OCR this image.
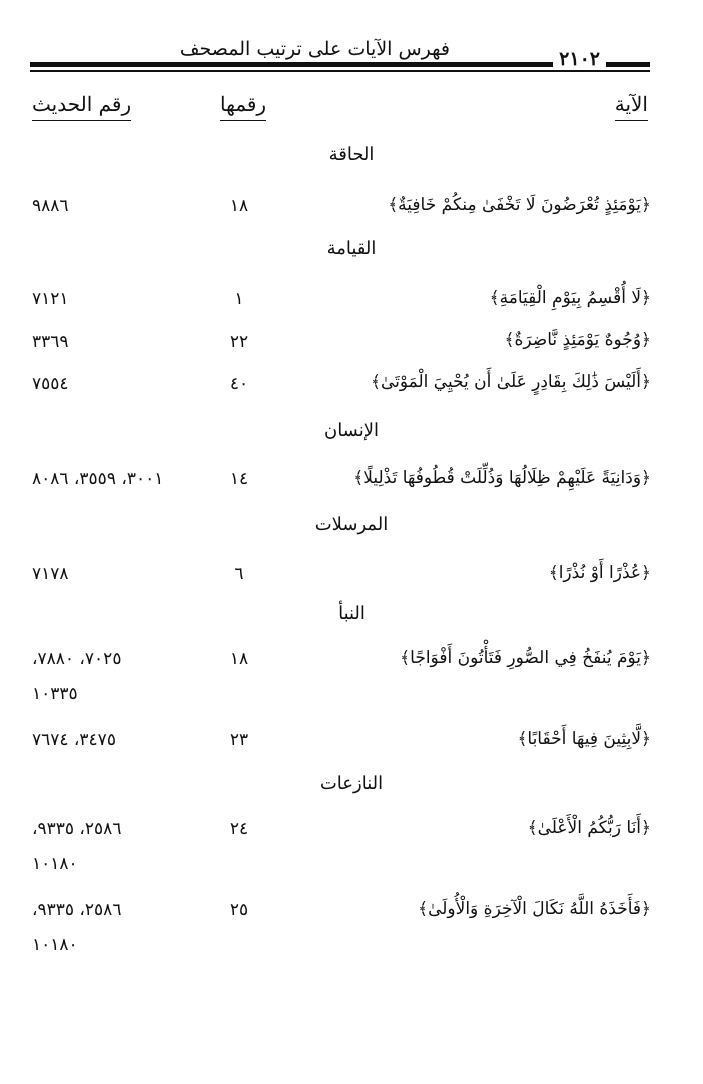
٢١٠٢
فهرس الآيات على ترتيب المصحف
الآية
رقمها
رقم الحديث
الحاقة
﴿يَوْمَئِذٍ تُعْرَضُونَ لَا تَخْفَىٰ مِنكُمْ خَافِيَةٌ﴾
١٨
٩٨٨٦
القيامة
﴿لَا أُقْسِمُ بِيَوْمِ الْقِيَامَةِ﴾
١
٧١٢١
﴿وُجُوهٌ يَوْمَئِذٍ نَّاضِرَةٌ﴾
٢٢
٣٣٦٩
﴿أَلَيْسَ ذَٰلِكَ بِقَادِرٍ عَلَىٰ أَن يُحْيِيَ الْمَوْتَىٰ﴾
٤٠
٧٥٥٤
الإنسان
﴿وَدَانِيَةً عَلَيْهِمْ ظِلَالُهَا وَذُلِّلَتْ قُطُوفُهَا تَذْلِيلًا﴾
١٤
٣٠٠١، ٣٥٥٩، ٨٠٨٦
المرسلات
﴿عُذْرًا أَوْ نُذْرًا﴾
٦
٧١٧٨
النبأ
﴿يَوْمَ يُنفَخُ فِي الصُّورِ فَتَأْتُونَ أَفْوَاجًا﴾
١٨
٧٠٢٥، ٧٨٨٠،
١٠٣٣٥
﴿لَّابِثِينَ فِيهَا أَحْقَابًا﴾
٢٣
٣٤٧٥، ٧٦٧٤
النازعات
﴿أَنَا رَبُّكُمُ الْأَعْلَىٰ﴾
٢٤
٢٥٨٦، ٩٣٣٥،
١٠١٨٠
﴿فَأَخَذَهُ اللَّهُ نَكَالَ الْآخِرَةِ وَالْأُولَىٰ﴾
٢٥
٢٥٨٦، ٩٣٣٥،
١٠١٨٠
